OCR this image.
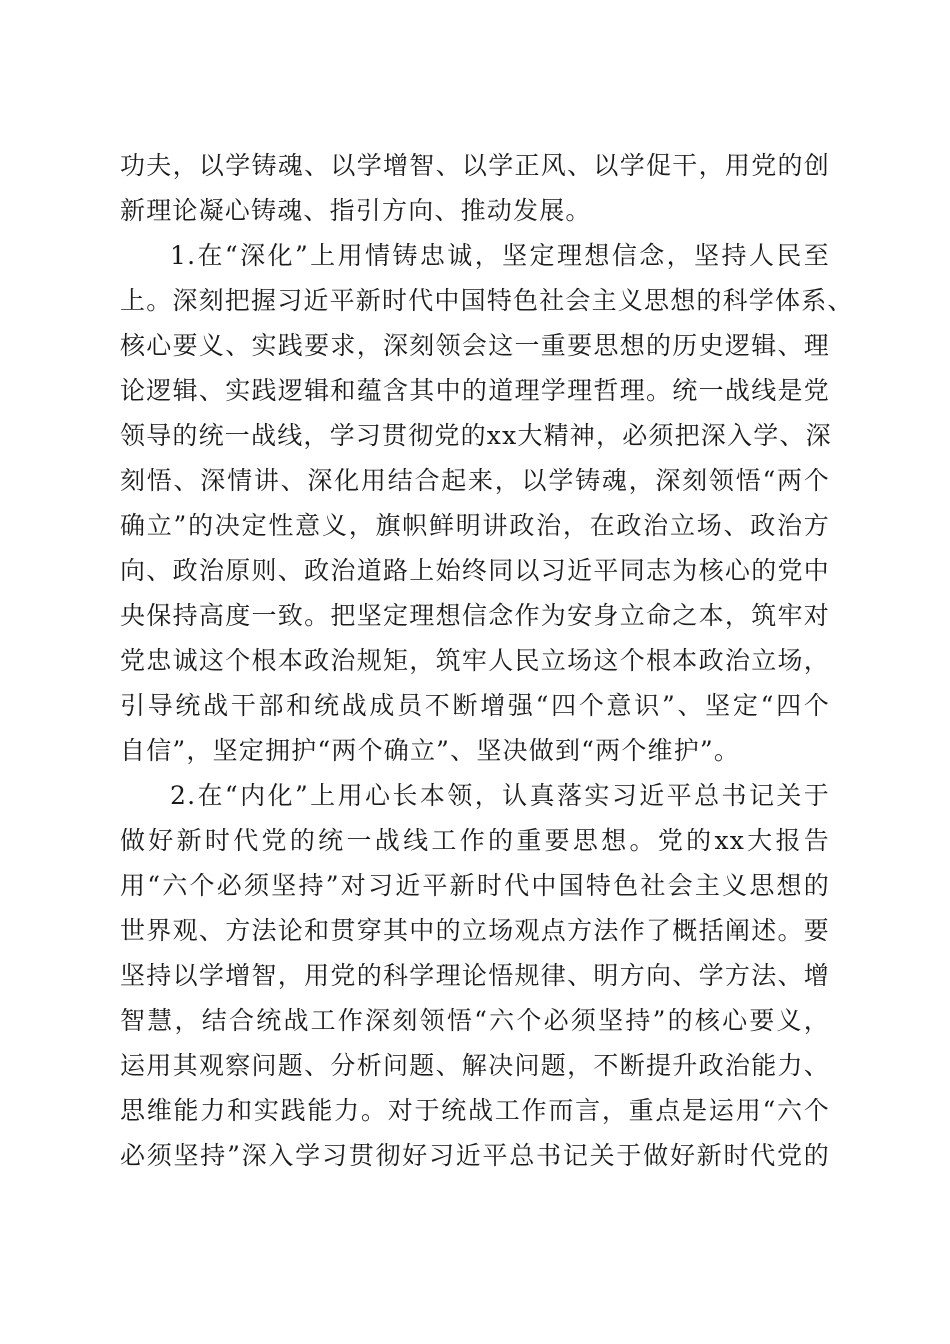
功夫，以学铸魂、以学增智、以学正风、以学促干，用党的创
新理论凝心铸魂、指引方向、推动发展。
1.在“深化”上用情铸忠诚，坚定理想信念，坚持人民至
上。深刻把握习近平新时代中国特色社会主义思想的科学体系、
核心要义、实践要求，深刻领会这一重要思想的历史逻辑、理
论逻辑、实践逻辑和蕴含其中的道理学理哲理。统一战线是党
领导的统一战线，学习贯彻党的xx大精神，必须把深入学、深
刻悟、深情讲、深化用结合起来，以学铸魂，深刻领悟“两个
确立”的决定性意义，旗帜鲜明讲政治，在政治立场、政治方
向、政治原则、政治道路上始终同以习近平同志为核心的党中
央保持高度一致。把坚定理想信念作为安身立命之本，筑牢对
党忠诚这个根本政治规矩，筑牢人民立场这个根本政治立场，
引导统战干部和统战成员不断增强“四个意识”、坚定“四个
自信”，坚定拥护“两个确立”、坚决做到“两个维护”。
2.在“内化”上用心长本领，认真落实习近平总书记关于
做好新时代党的统一战线工作的重要思想。党的xx大报告
用“六个必须坚持”对习近平新时代中国特色社会主义思想的
世界观、方法论和贯穿其中的立场观点方法作了概括阐述。要
坚持以学增智，用党的科学理论悟规律、明方向、学方法、增
智慧，结合统战工作深刻领悟“六个必须坚持”的核心要义，
运用其观察问题、分析问题、解决问题，不断提升政治能力、
思维能力和实践能力。对于统战工作而言，重点是运用“六个
必须坚持”深入学习贯彻好习近平总书记关于做好新时代党的
